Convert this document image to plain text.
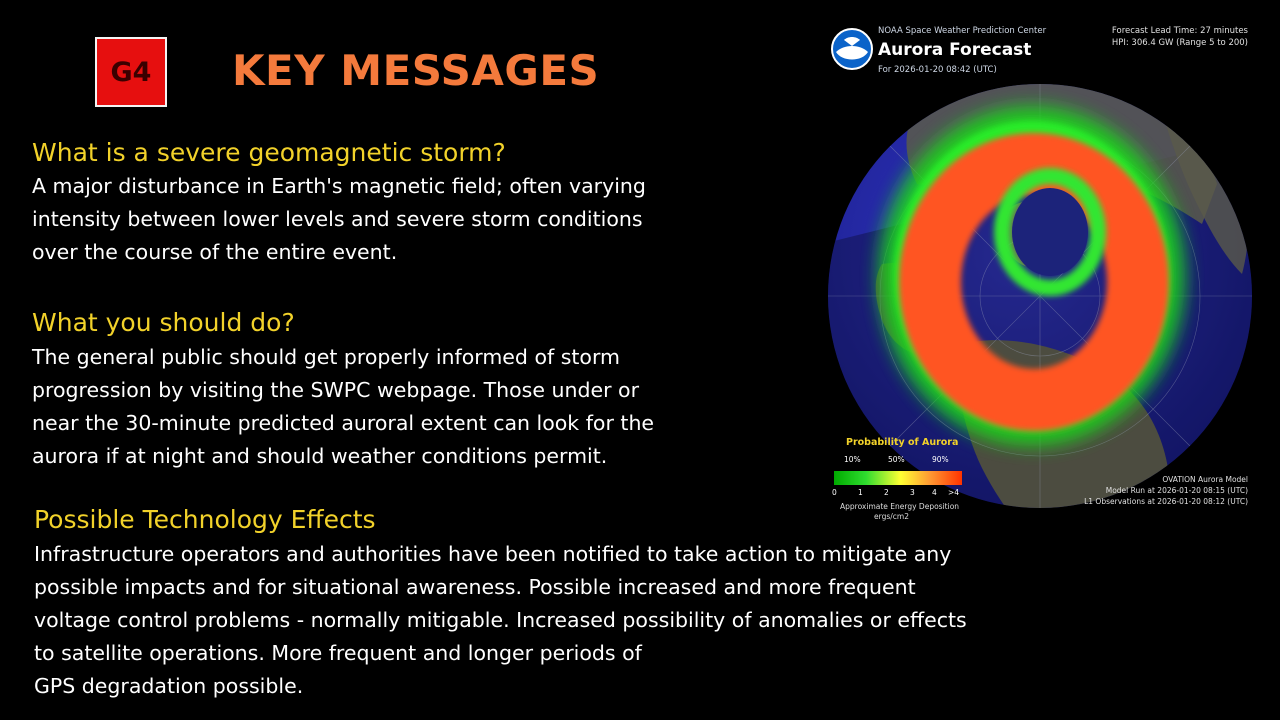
G4 KEY MESSAGES
What is a severe geomagnetic storm?

A major disturbance in Earth's magnetic field; often varying
intensity between lower levels and severe storm conditions
over the course of the entire event.

What you should do?

The general public should get properly informed of storm
progression by visiting the SWPC webpage. Those under or
near the 30-minute predicted auroral extent can look for the
aurora if at night and should weather conditions permit.

Possible Technology Effects

Infrastructure operators and authorities have been notified to take action to mitigate any
possible impacts and for situational awareness. Possible increased and more frequent
voltage control problems - normally mitigable. Increased possibility of anomalies or effects
to satellite operations. More frequent and longer periods of
GPS degradation possible.

NOAA Space Weather Prediction Center
Aurora Forecast
For 2026-01-20 08:42 (UTC)
Forecast Lead Time: 27 minutes
HPI: 306.4 GW (Range 5 to 200)
Probability of Aurora
10%	50%	90%
0	1	2	3 4 >4
Approximate Energy Deposition
ergs/cm2
OVATION Aurora Model
Model Run at 2026-01-20 08:15 (UTC)
L1 Observations at 2026-01-20 08:12 (UTC)
